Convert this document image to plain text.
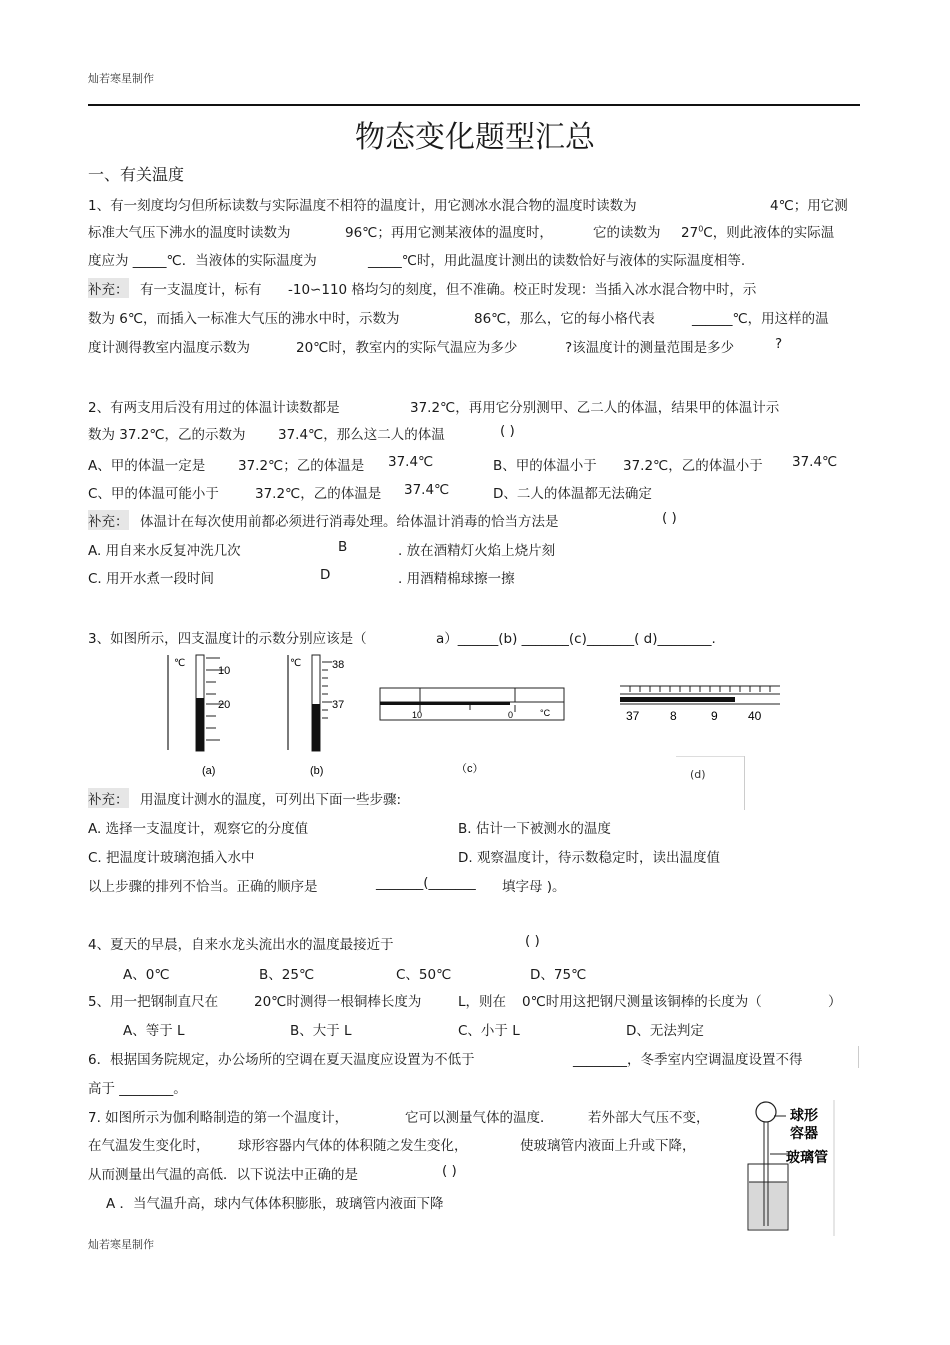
灿若寒星制作
物态变化题型汇总
一、有关温度
1、有一刻度均匀但所标读数与实际温度不相符的温度计，用它测冰水混合物的温度时读数为	4℃；用它测
标准大气压下沸水的温度时读数为	96℃；再用它测某液体的温度时，	它的读数为 $27^0C$，则此液体的实际温
度应为 _____℃．当液体的实际温度为	_____℃时，用此温度计测出的读数恰好与液体的实际温度相等.
补充： 有一支温度计，标有 -10∽110 格均匀的刻度，但不准确。校正时发现：当插入冰水混合物中时，示
数为 6℃，而插入一标准大气压的沸水中时，示数为	86℃，那么，它的每小格代表	______℃，用这样的温
度计测得教室内温度示数为	20℃时，教室内的实际气温应为多少	?该温度计的测量范围是多少	?
2、有两支用后没有用过的体温计读数都是	37.2℃，再用它分别测甲、乙二人的体温，结果甲的体温计示
数为 37.2℃，乙的示数为 37.4℃，那么这二人的体温	( )
A、甲的体温一定是 37.2℃；乙的体温是 37.4℃	B、甲的体温小于 37.2℃，乙的体温小于 37.4℃
C、甲的体温可能小于	37.2℃，乙的体温是 37.4℃	D、二人的体温都无法确定
补充： 体温计在每次使用前都必须进行消毒处理。给体温计消毒的恰当方法是	( )
A. 用自来水反复冲洗几次	B	. 放在酒精灯火焰上烧片刻
C. 用开水煮一段时间	D	. 用酒精棉球擦一擦
3、如图所示，四支温度计的示数分别应该是（	a）______(b) _______(c)_______( d)________.
℃
10
20
(a)
℃	38
37
(b)
10	0	°C
（c）
37	8	9	40
(d)
补充： 用温度计测水的温度，可列出下面一些步骤:
A. 选择一支温度计，观察它的分度值	B. 估计一下被测水的温度
C. 把温度计玻璃泡插入水中	D. 观察温度计，待示数稳定时，读出温度值
以上步骤的排列不恰当。正确的顺序是	_______(_______ 填字母 )。
4、夏天的早晨，自来水龙头流出水的温度最接近于	( )
A、0℃	B、25℃	C、50℃	D、75℃
5、用一把钢制直尺在	20℃时测得一根铜棒长度为	L，则在 0℃时用这把钢尺测量该铜棒的长度为（	）
A、等于 L	B、大于 L	C、小于 L	D、无法判定
6．根据国务院规定，办公场所的空调在夏天温度应设置为不低于	________，冬季室内空调温度设置不得
高于 ________。
7. 如图所示为伽利略制造的第一个温度计，	它可以测量气体的温度．	若外部大气压不变，
在气温发生变化时， 球形容器内气体的体积随之发生变化，	使玻璃管内液面上升或下降，
从而测量出气温的高低．以下说法中正确的是	( )
A ．当气温升高，球内气体体积膨胀，玻璃管内液面下降
球形
容器
玻璃管
灿若寒星制作
